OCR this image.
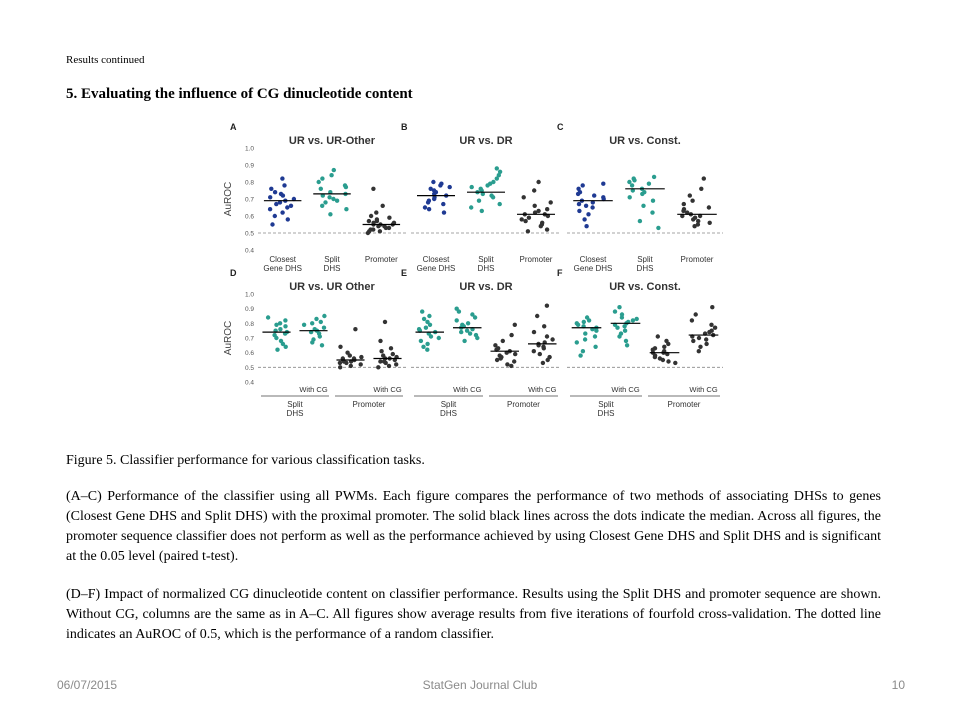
Results continued
5. Evaluating the influence of CG dinucleotide content
AuROC
1.0
0.9
0.8
0.7
0.6
0.5
0.4
AuROC
1.0
0.9
0.8
0.7
0.6
0.5
0.4
A
UR vs. UR-Other
Closest
Gene DHS
Split
DHS
Promoter
B
UR vs. DR
Closest
Gene DHS
Split
DHS
Promoter
C
UR vs. Const.
Closest
Gene DHS
Split
DHS
Promoter
D
UR vs. UR Other
With CG	With CG
Split
DHS
Promoter
E
UR vs. DR
With CG	With CG
Split
DHS
Promoter
F
UR vs. Const.
With CG	With CG
Split
DHS
Promoter
Figure 5. Classifier performance for various classification tasks.
(A–C) Performance of the classifier using all PWMs. Each figure compares the performance of two methods of associating DHSs to genes (Closest Gene DHS and Split DHS) with the proximal promoter. The solid black lines across the dots indicate the median. Across all figures, the promoter sequence classifier does not perform as well as the performance achieved by using Closest Gene DHS and Split DHS and is significant at the 0.05 level (paired t-test).
(D–F) Impact of normalized CG dinucleotide content on classifier performance. Results using the Split DHS and promoter sequence are shown. Without CG, columns are the same as in A–C. All figures show average results from five iterations of fourfold cross-validation. The dotted line indicates an AuROC of 0.5, which is the performance of a random classifier.
06/07/2015	StatGen Journal Club	10
